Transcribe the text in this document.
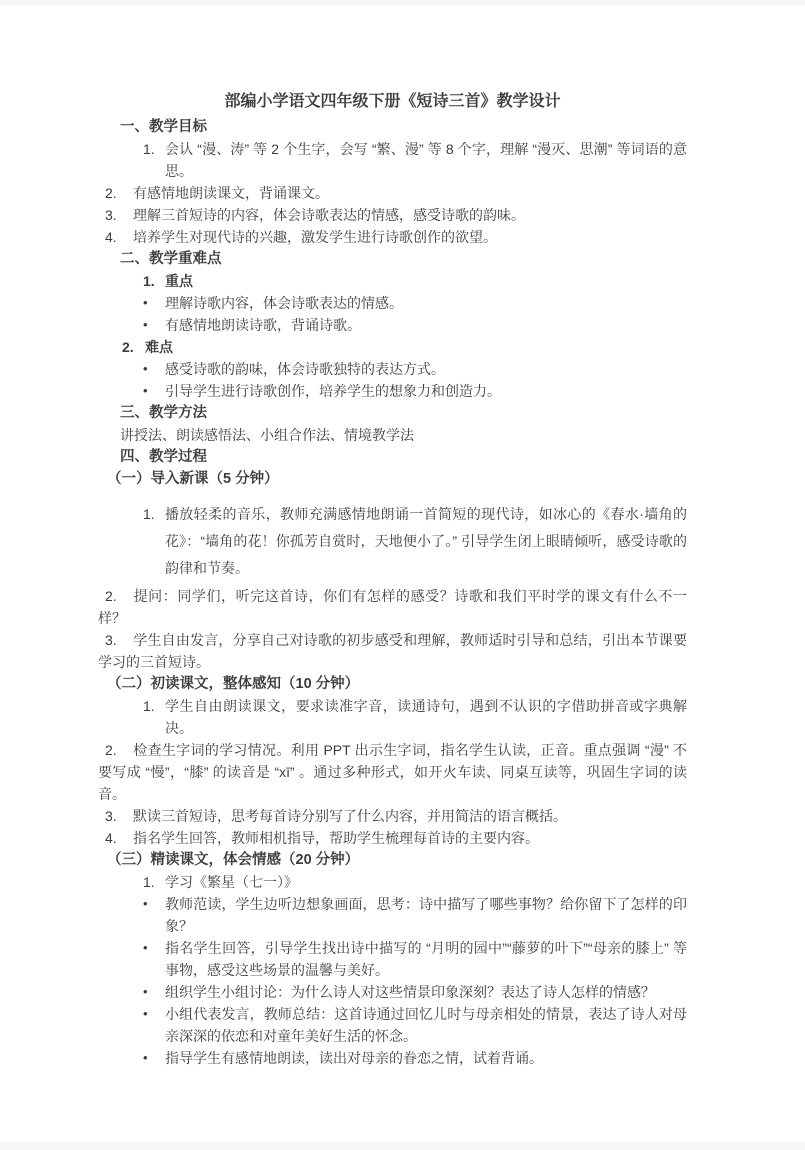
部编小学语文四年级下册《短诗三首》教学设计
一、教学目标
1. 会认 “漫、涛” 等 2 个生字，会写 “繁、漫” 等 8 个字，理解 “漫灭、思潮” 等词语的意思。
2. 有感情地朗读课文，背诵课文。
3. 理解三首短诗的内容，体会诗歌表达的情感，感受诗歌的韵味。
4. 培养学生对现代诗的兴趣，激发学生进行诗歌创作的欲望。
二、教学重难点
1. 重点
•	理解诗歌内容，体会诗歌表达的情感。
•	有感情地朗读诗歌，背诵诗歌。
2. 难点
•	感受诗歌的韵味，体会诗歌独特的表达方式。
•	引导学生进行诗歌创作，培养学生的想象力和创造力。
三、教学方法
讲授法、朗读感悟法、小组合作法、情境教学法
四、教学过程
（一）导入新课（5 分钟）
1. 播放轻柔的音乐，教师充满感情地朗诵一首简短的现代诗，如冰心的《春水·墙角的花》：“墙角的花！你孤芳自赏时，天地便小了。” 引导学生闭上眼睛倾听，感受诗歌的韵律和节奏。
2. 提问：同学们，听完这首诗，你们有怎样的感受？诗歌和我们平时学的课文有什么不一样？
3. 学生自由发言，分享自己对诗歌的初步感受和理解，教师适时引导和总结，引出本节课要学习的三首短诗。
（二）初读课文，整体感知（10 分钟）
1. 学生自由朗读课文，要求读准字音，读通诗句，遇到不认识的字借助拼音或字典解决。
2. 检查生字词的学习情况。利用 PPT 出示生字词，指名学生认读，正音。重点强调 “漫” 不要写成 “慢”，“膝” 的读音是 “xī” 。通过多种形式，如开火车读、同桌互读等，巩固生字词的读音。
3. 默读三首短诗，思考每首诗分别写了什么内容，并用简洁的语言概括。
4. 指名学生回答，教师相机指导，帮助学生梳理每首诗的主要内容。
（三）精读课文，体会情感（20 分钟）
1. 学习《繁星（七一）》
•	教师范读，学生边听边想象画面，思考：诗中描写了哪些事物？给你留下了怎样的印象？
•	指名学生回答，引导学生找出诗中描写的 “月明的园中”“藤萝的叶下”“母亲的膝上” 等事物，感受这些场景的温馨与美好。
•	组织学生小组讨论：为什么诗人对这些情景印象深刻？表达了诗人怎样的情感？
•	小组代表发言，教师总结：这首诗通过回忆儿时与母亲相处的情景，表达了诗人对母亲深深的依恋和对童年美好生活的怀念。
•	指导学生有感情地朗读，读出对母亲的眷恋之情，试着背诵。
